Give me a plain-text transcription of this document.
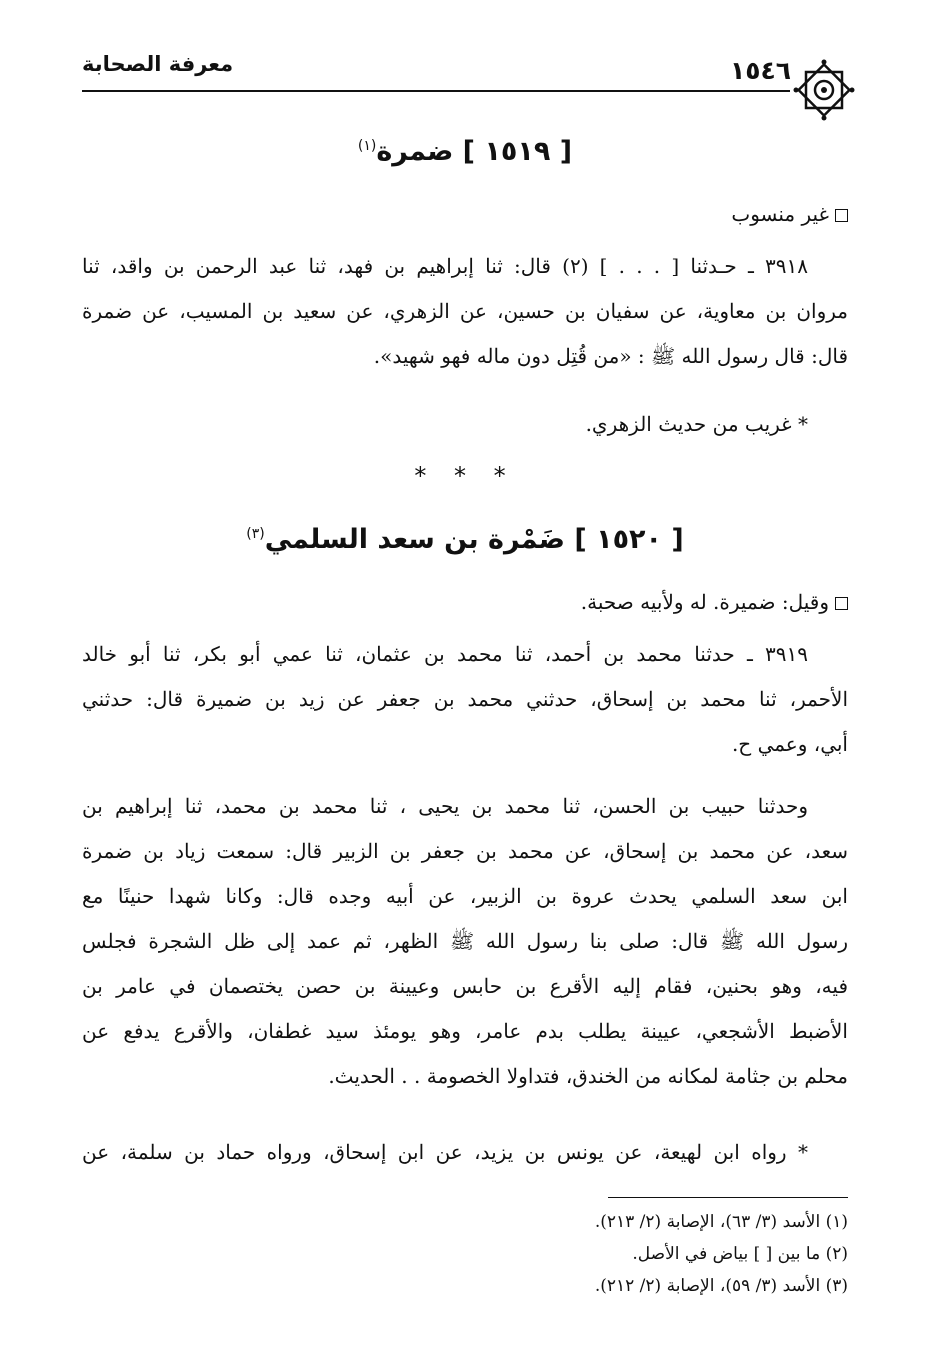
معرفة الصحابة	١٥٤٦
[ ١٥١٩ ] ضمرة$^{(١)}$
غير منسوب
٣٩١٨ ـ حـدثنا [ . . . ] (٢) قال: ثنا إبراهيم بن فهد، ثنا عبد الرحمن بن واقد، ثنا
مروان بن معاوية، عن سفيان بن حسين، عن الزهري، عن سعيد بن المسيب، عن ضمرة
قال: قال رسول الله ﷺ : «من قُتِل دون ماله فهو شهيد».
* غريب من حديث الزهري.
* * *
[ ١٥٢٠ ] ضَمْرة بن سعد السلمي$^{(٣)}$
وقيل: ضميرة. له ولأبيه صحبة.
٣٩١٩ ـ حدثنا محمد بن أحمد، ثنا محمد بن عثمان، ثنا عمي أبو بكر، ثنا أبو خالد
الأحمر، ثنا محمد بن إسحاق، حدثني محمد بن جعفر عن زيد بن ضميرة قال: حدثني
أبي، وعمي ح.
وحدثنا حبيب بن الحسن، ثنا محمد بن يحيى ، ثنا محمد بن محمد، ثنا إبراهيم بن
سعد، عن محمد بن إسحاق، عن محمد بن جعفر بن الزبير قال: سمعت زياد بن ضمرة
ابن سعد السلمي يحدث عروة بن الزبير، عن أبيه وجده قال: وكانا شهدا حنينًا مع
رسول الله ﷺ قال: صلى بنا رسول الله ﷺ الظهر، ثم عمد إلى ظل الشجرة فجلس
فيه، وهو بحنين، فقام إليه الأقرع بن حابس وعيينة بن حصن يختصمان في عامر بن
الأضبط الأشجعي، عيينة يطلب بدم عامر، وهو يومئذ سيد غطفان، والأقرع يدفع عن
محلم بن جثامة لمكانه من الخندق، فتداولا الخصومة . . الحديث.
* رواه ابن لهيعة، عن يونس بن يزيد، عن ابن إسحاق، ورواه حماد بن سلمة، عن
(١) الأسد (٣/ ٦٣)، الإصابة (٢/ ٢١٣).
(٢) ما بين [ ] بياض في الأصل.
(٣) الأسد (٣/ ٥٩)، الإصابة (٢/ ٢١٢).
